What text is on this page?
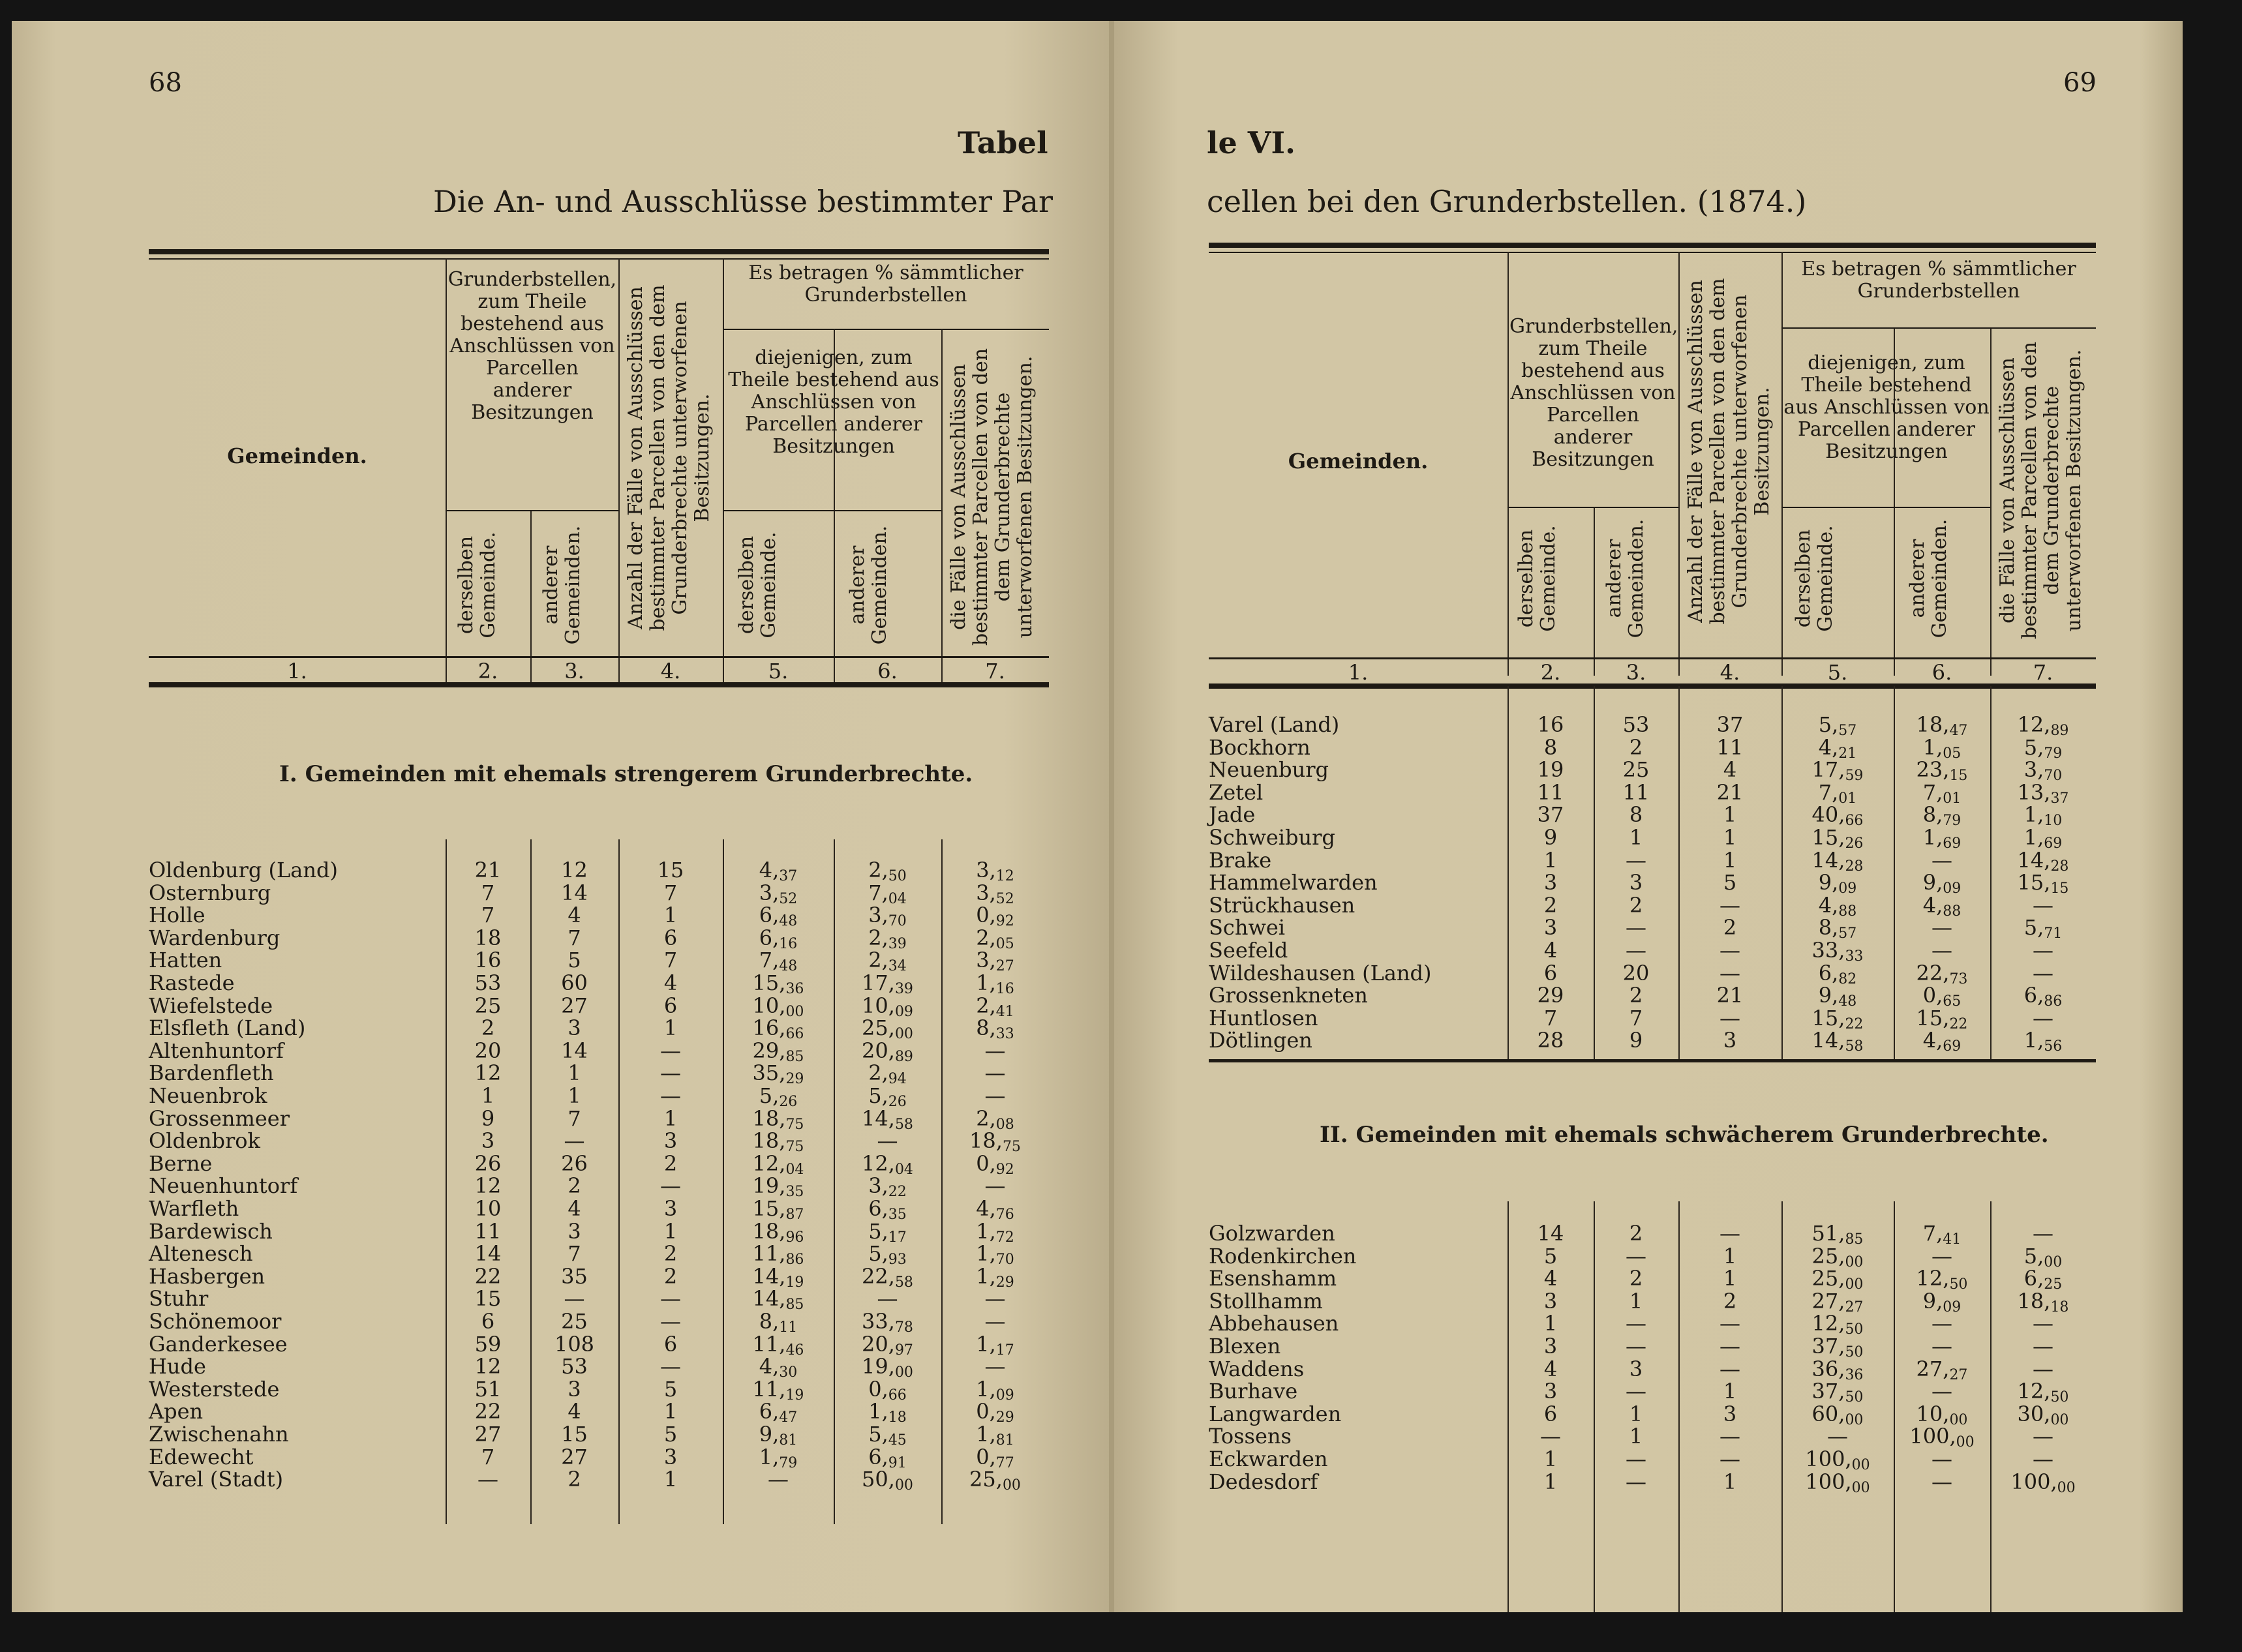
68
Tabel
Die An- und Ausschlüsse bestimmter Par
Gemeinden.
Grunderbstellen, zum Theile bestehend aus Anschlüssen von Parcellen anderer Besitzungen
derselben Gemeinde. anderer Gemeinden. Anzahl der Fälle von Ausschlüssen bestimmter Parcellen von den dem Grunderbrechte unterworfenen Besitzungen.
Es betragen % sämmtlicher Grunderbstellen
diejenigen, zum Theile bestehend aus Anschlüssen von Parcellen anderer Besitzungen
derselben Gemeinde.	anderer Gemeinden.	die Fälle von Ausschlüssen bestimmter Parcellen von den dem Grunderbrechte unterworfenen Besitzungen.
1.	2.	3.	4.	5.	6.	7.
I. Gemeinden mit ehemals strengerem Grunderbrechte.
Oldenburg (Land)	21	12	15	$4,_{37}$	$2,_{50}$	$3,_{12}$
Osternburg	7	14	7	$3,_{52}$	$7,_{04}$	$3,_{52}$
Holle	7	4	1	$6,_{48}$	$3,_{70}$	$0,_{92}$
Wardenburg	18	7	6	$6,_{16}$	$2,_{39}$	$2,_{05}$
Hatten	16	5	7	$7,_{48}$	$2,_{34}$	$3,_{27}$
Rastede	53	60	4	$15,_{36}$	$17,_{39}$	$1,_{16}$
Wiefelstede	25	27	6	$10,_{00}$	$10,_{09}$	$2,_{41}$
Elsfleth (Land)	2	3	1	$16,_{66}$	$25,_{00}$	$8,_{33}$
Altenhuntorf	20	14	—	$29,_{85}$	$20,_{89}$	—
Bardenfleth	12	1	—	$35,_{29}$	$2,_{94}$	—
Neuenbrok	1	1	—	$5,_{26}$	$5,_{26}$	—
Grossenmeer	9	7	1	$18,_{75}$	$14,_{58}$	$2,_{08}$
Oldenbrok	3	—	3	$18,_{75}$	—	$18,_{75}$
Berne	26	26	2	$12,_{04}$	$12,_{04}$	$0,_{92}$
Neuenhuntorf	12	2	—	$19,_{35}$	$3,_{22}$	—
Warfleth	10	4	3	$15,_{87}$	$6,_{35}$	$4,_{76}$
Bardewisch	11	3	1	$18,_{96}$	$5,_{17}$	$1,_{72}$
Altenesch	14	7	2	$11,_{86}$	$5,_{93}$	$1,_{70}$
Hasbergen	22	35	2	$14,_{19}$	$22,_{58}$	$1,_{29}$
Stuhr	15	—	—	$14,_{85}$	—	—
Schönemoor	6	25	—	$8,_{11}$	$33,_{78}$	—
Ganderkesee	59	108	6	$11,_{46}$	$20,_{97}$	$1,_{17}$
Hude	12	53	—	$4,_{30}$	$19,_{00}$	—
Westerstede	51	3	5	$11,_{19}$	$0,_{66}$	$1,_{09}$
Apen	22	4	1	$6,_{47}$	$1,_{18}$	$0,_{29}$
Zwischenahn	27	15	5	$9,_{81}$	$5,_{45}$	$1,_{81}$
Edewecht	7	27	3	$1,_{79}$	$6,_{91}$	$0,_{77}$
Varel (Stadt)	—	2	1	—	$50,_{00}$	$25,_{00}$
69
le VI.
cellen bei den Grunderbstellen. (1874.)
Gemeinden.
Grunderbstellen, zum Theile bestehend aus Anschlüssen von Parcellen anderer Besitzungen
derselben Gemeinde. anderer Gemeinden. Anzahl der Fälle von Ausschlüssen bestimmter Parcellen von den dem Grunderbrechte unterworfenen Besitzungen.
Es betragen % sämmtlicher Grunderbstellen
diejenigen, zum Theile bestehend aus Anschlüssen von Parcellen anderer Besitzungen
derselben Gemeinde.	anderer Gemeinden. die Fälle von Ausschlüssen bestimmter Parcellen von den dem Grunderbrechte unterworfenen Besitzungen.
1.	2.	3.	4.	5.	6.	7.
Varel (Land)	16	53	37	$5,_{57}$	$18,_{47}$	$12,_{89}$
Bockhorn	8	2	11	$4,_{21}$	$1,_{05}$	$5,_{79}$
Neuenburg	19	25	4	$17,_{59}$	$23,_{15}$	$3,_{70}$
Zetel	11	11	21	$7,_{01}$	$7,_{01}$	$13,_{37}$
Jade	37	8	1	$40,_{66}$	$8,_{79}$	$1,_{10}$
Schweiburg	9	1	1	$15,_{26}$	$1,_{69}$	$1,_{69}$
Brake	1	—	1	$14,_{28}$	—	$14,_{28}$
Hammelwarden	3	3	5	$9,_{09}$	$9,_{09}$	$15,_{15}$
Strückhausen	2	2	—	$4,_{88}$	$4,_{88}$	—
Schwei	3	—	2	$8,_{57}$	—	$5,_{71}$
Seefeld	4	—	—	$33,_{33}$	—	—
Wildeshausen (Land)	6	20	—	$6,_{82}$	$22,_{73}$	—
Grossenkneten	29	2	21	$9,_{48}$	$0,_{65}$	$6,_{86}$
Huntlosen	7	7	—	$15,_{22}$	$15,_{22}$	—
Dötlingen	28	9	3	$14,_{58}$	$4,_{69}$	$1,_{56}$
II. Gemeinden mit ehemals schwächerem Grunderbrechte.
Golzwarden	14	2	—	$51,_{85}$	$7,_{41}$	—
Rodenkirchen	5	—	1	$25,_{00}$	—	$5,_{00}$
Esenshamm	4	2	1	$25,_{00}$	$12,_{50}$	$6,_{25}$
Stollhamm	3	1	2	$27,_{27}$	$9,_{09}$	$18,_{18}$
Abbehausen	1	—	—	$12,_{50}$	—	—
Blexen	3	—	—	$37,_{50}$	—	—
Waddens	4	3	—	$36,_{36}$	$27,_{27}$	—
Burhave	3	—	1	$37,_{50}$	—	$12,_{50}$
Langwarden	6	1	3	$60,_{00}$	$10,_{00}$	$30,_{00}$
Tossens	—	1	—	—	$100,_{00}$	—
Eckwarden	1	—	—	$100,_{00}$	—	—
Dedesdorf	1	—	1	$100,_{00}$	—	$100,_{00}$
